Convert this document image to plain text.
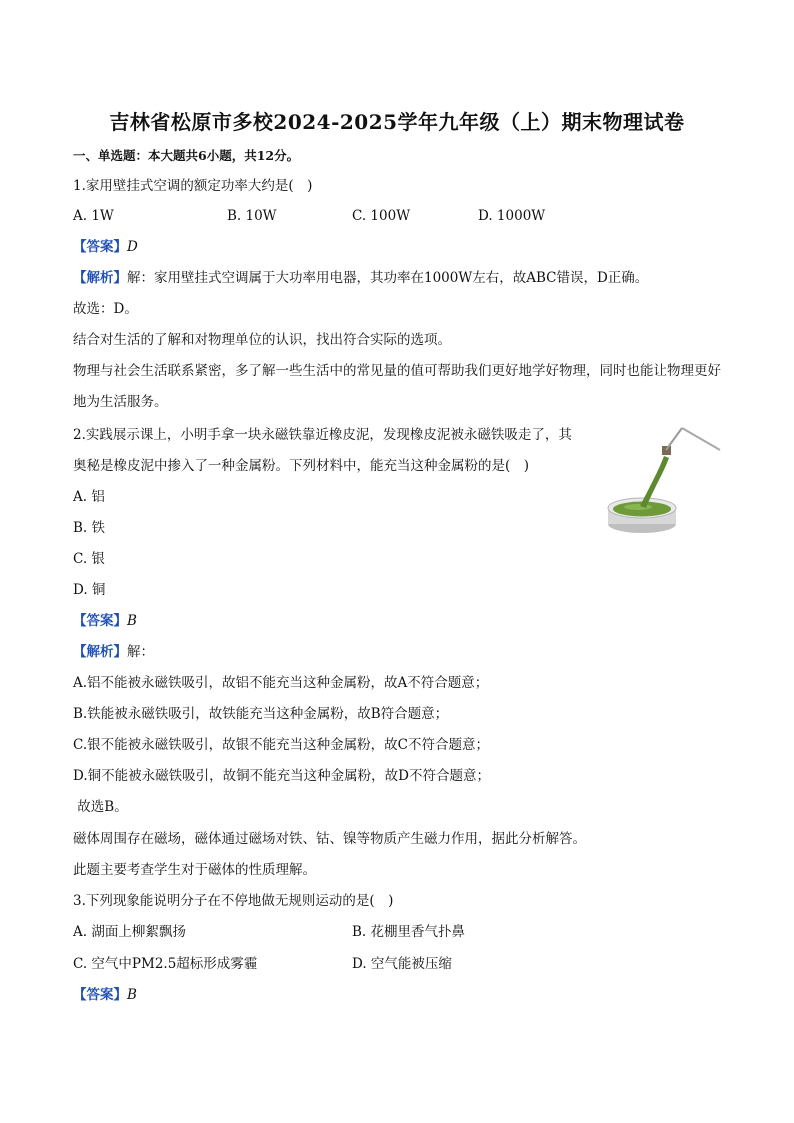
吉林省松原市多校2024-2025学年九年级（上）期末物理试卷
一、单选题：本大题共6小题，共12分。
1.家用壁挂式空调的额定功率大约是(　)
A. 1W	B. 10W	C. 100W	D. 1000W
【答案】D
【解析】解：家用壁挂式空调属于大功率用电器，其功率在1000W左右，故ABC错误，D正确。
故选：D。
结合对生活的了解和对物理单位的认识，找出符合实际的选项。
物理与社会生活联系紧密，多了解一些生活中的常见量的值可帮助我们更好地学好物理，同时也能让物理更好地为生活服务。
2.实践展示课上，小明手拿一块永磁铁靠近橡皮泥，发现橡皮泥被永磁铁吸走了，其
奥秘是橡皮泥中掺入了一种金属粉。下列材料中，能充当这种金属粉的是(　)
A. 铝
B. 铁
C. 银
D. 铜
【答案】B
【解析】解：
A.铝不能被永磁铁吸引，故铝不能充当这种金属粉，故A不符合题意；
B.铁能被永磁铁吸引，故铁能充当这种金属粉，故B符合题意；
C.银不能被永磁铁吸引，故银不能充当这种金属粉，故C不符合题意；
D.铜不能被永磁铁吸引，故铜不能充当这种金属粉，故D不符合题意；
故选B。
磁体周围存在磁场，磁体通过磁场对铁、钴、镍等物质产生磁力作用，据此分析解答。
此题主要考查学生对于磁体的性质理解。
3.下列现象能说明分子在不停地做无规则运动的是(　)
A. 湖面上柳絮飘扬	B. 花棚里香气扑鼻
C. 空气中PM2.5超标形成雾霾	D. 空气能被压缩
【答案】B
